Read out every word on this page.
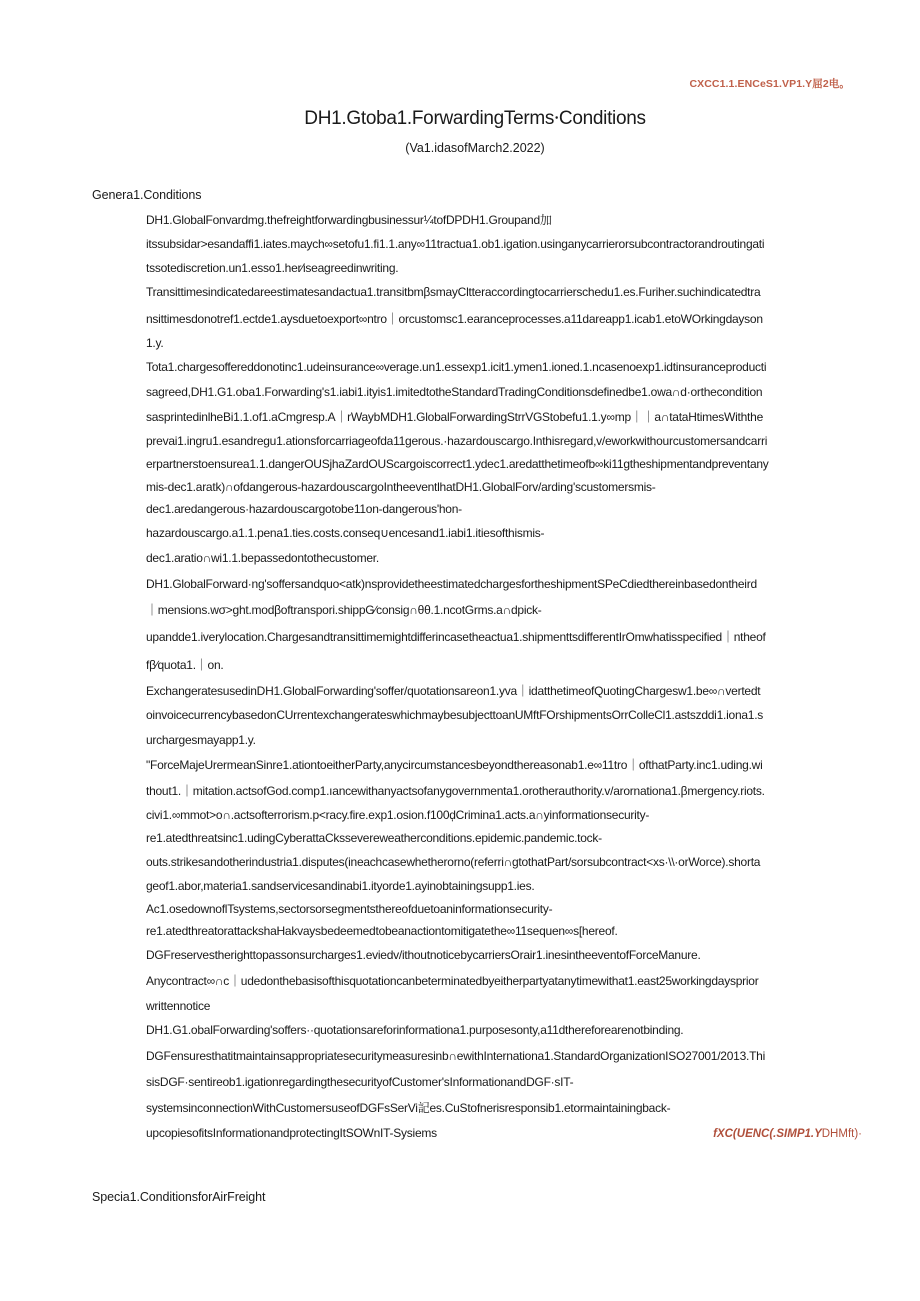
CXCC1.1.ENCeS1.VP1.Y屈2电。
DH1.Gtoba1.ForwardingTerms⸱Conditions
(Va1.idasofMarch2.2022)
Genera1.Conditions
DH1.GlobalFonvardmg.thefreightforwardingbusinessur¼tofDPDH1.Groupand加
itssubsidar>esandaffi1.iates.maych∞setofu1.fi1.1.any∞11tractua1.ob1.igation.usinganycarrierorsubcontractorandroutingati
tssotediscretion.un1.esso1.her∕iseagreedinwriting.
Transittimesindicatedareestimatesandactua1.transitbmβsmayCltteraccordingtocarrierschedu1.es.Furiher.suchindicatedtra
nsittimesdonotref1.ectde1.aysduetoexport∞ntro｜orcustomsc1.earanceprocesses.a11dareapp1.icab1.etoWOrkingdayson
1.y.
Tota1.chargesoffereddonotinc1.udeinsurance∞verage.un1.essexp1.icit1.ymen1.ioned.1.ncasenoexp1.idtinsuranceproducti
sagreed,DH1.G1.oba1.Forwarding's1.iabi1.ityis1.imitedtotheStandardTradingConditionsdefinedbe1.owa∩d·orthecondition
sasprintedinlheBi1.1.of1.aCmgresp.A｜rWaybMDH1.GlobalForwardingStrrVGStobefu1.1.y∞mp｜｜a∩tataHtimesWiththe
prevai1.ingru1.esandregu1.ationsforcarriageofda11gerous.·hazardouscargo.Inthisregard,v/eworkwithourcustomersandcarri
erpartnerstoensurea1.1.dangerOUSjhaZardOUScargoiscorrect1.ydec1.aredatthetimeofb∞ki11gtheshipmentandpreventany
mis-dec1.aratk)∩ofdangerous-hazardouscargoIntheeventlhatDH1.GlobalForv/arding'scustomersmis-
dec1.aredangerous·hazardouscargotobe11on-dangerous'hon-
hazardouscargo.a1.1.pena1.ties.costs.conseq∪encesand1.iabi1.itiesofthismis-
dec1.aratio∩wi1.1.bepassedontothecustomer.
DH1.GlobalForward·ng'soffersandquo<atk)nsprovidetheestimatedchargesfortheshipmentSPeCdiedthereinbasedontheird
｜mensions.wσ>ght.modβoftranspori.shippG∕consig∩θθ.1.ncotGrms.a∩dpick-
upandde1.iverylocation.Chargesandtransittimemightdifferincasetheactua1.shipmenttsdifferentIrOmwhatisspecified｜ntheof
fβ∕quota1.｜on.
ExchangeratesusedinDH1.GlobalForwarding'soffer/quotationsareon1.yva｜idatthetimeofQuotingChargesw1.be∞∩vertedt
oinvoicecurrencybasedonCUrrentexchangerateswhichmaybesubjecttoanUMftFOrshipmentsOrrColleCl1.astszddi1.iona1.s
urchargesmayapp1.y.
"ForceMajeUrermeanSinre1.ationtoeitherParty,anycircumstancesbeyondthereasonab1.e∞11tro｜ofthatParty.inc1.uding.wi
thout1.｜mitation.actsofGod.comp1.ıancewithanyactsofanygovernmenta1.orotherauthority.v/arornationa1.βmergency.riots.
civi1.∞mmot>o∩.actsofterrorism.p<racy.fire.exp1.osion.f100ḑCrimina1.acts.a∩yinformationsecurity-
re1.atedthreatsinc1.udingCyberattaCkssevereweatherconditions.epidemic.pandemic.tock-
outs.strikesandotherindustria1.disputes(ineachcasewhetherorno(referri∩gtothatPart/sorsubcontract<xs·\\·orWorce).shorta
geof1.abor,materia1.sandservicesandinabi1.ityorde1.ayinobtainingsupp1.ies.
Ac1.osedownoflTsystems,sectorsorsegmentsthereofduetoaninformationsecurity-
re1.atedthreatorattackshaHakvaysbedeemedtobeanactiontomitigatethe∞11sequen∞s[hereof.
DGFreservestherighttopassonsurcharges1.eviedv/ithoutnoticebycarriersOrair1.inesintheeventofForceManure.
Anycontract∞∩c｜udedonthebasisofthisquotationcanbeterminatedbyeitherpartyatanytimewithat1.east25workingdaysprior
writtennotice
DH1.G1.obalForwarding'soffers··quotationsareforinformationa1.purposesonty,a11dthereforearenotbinding.
DGFensuresthatitmaintainsappropriatesecuritymeasuresinb∩ewithInternationa1.StandardOrganizationISO27001/2013.Thi
sisDGF·sentireob1.igationregardingthesecurityofCustomer'sInformationandDGF·sIT-
systemsinconnectionWithCustomersuseofDGFsSerVi記es.CuStofnerisresponsib1.etormaintainingback-
upcopiesofitsInformationandprotectingItSOWnIT-Sysiems	fXC(UENC(.SIMP1.YDHMft)·
Specia1.ConditionsforAirFreight
